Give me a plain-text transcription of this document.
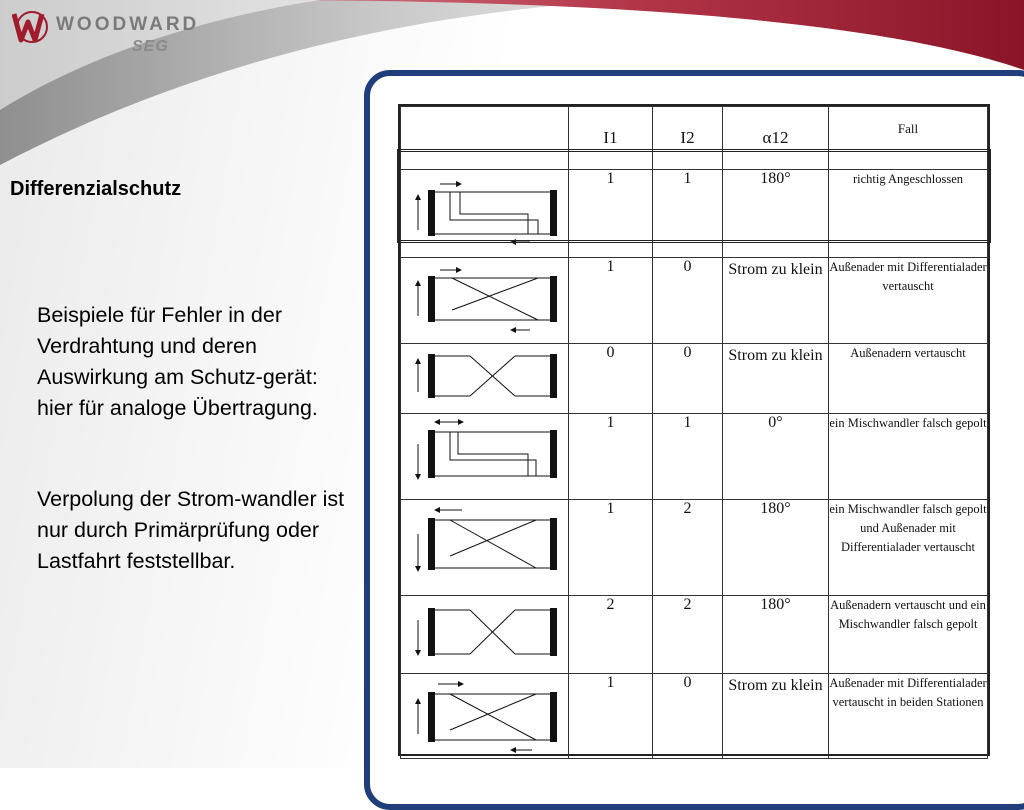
WOODWARD
SEG
Differenzialschutz
Beispiele für Fehler in der Verdrahtung und deren Auswirkung am Schutz-gerät: hier für analoge Übertragung.
Verpolung der Strom-wandler ist nur durch Primärprüfung oder Lastfahrt feststellbar.
	I1	I2	α12	Fall

	1	1	180°	richtig Angeschlossen

	1	0	Strom zu klein	Außenader mit Differentialader vertauscht

	0	0	Strom zu klein	Außenadern vertauscht

	1	1	0°	ein Mischwandler falsch gepolt

	1	2	180°	ein Mischwandler falsch gepolt und Außenader mit Differentialader vertauscht

	2	2	180°	Außenadern vertauscht und ein Mischwandler falsch gepolt

	1	0	Strom zu klein	Außenader mit Differentialader vertauscht in beiden Stationen
